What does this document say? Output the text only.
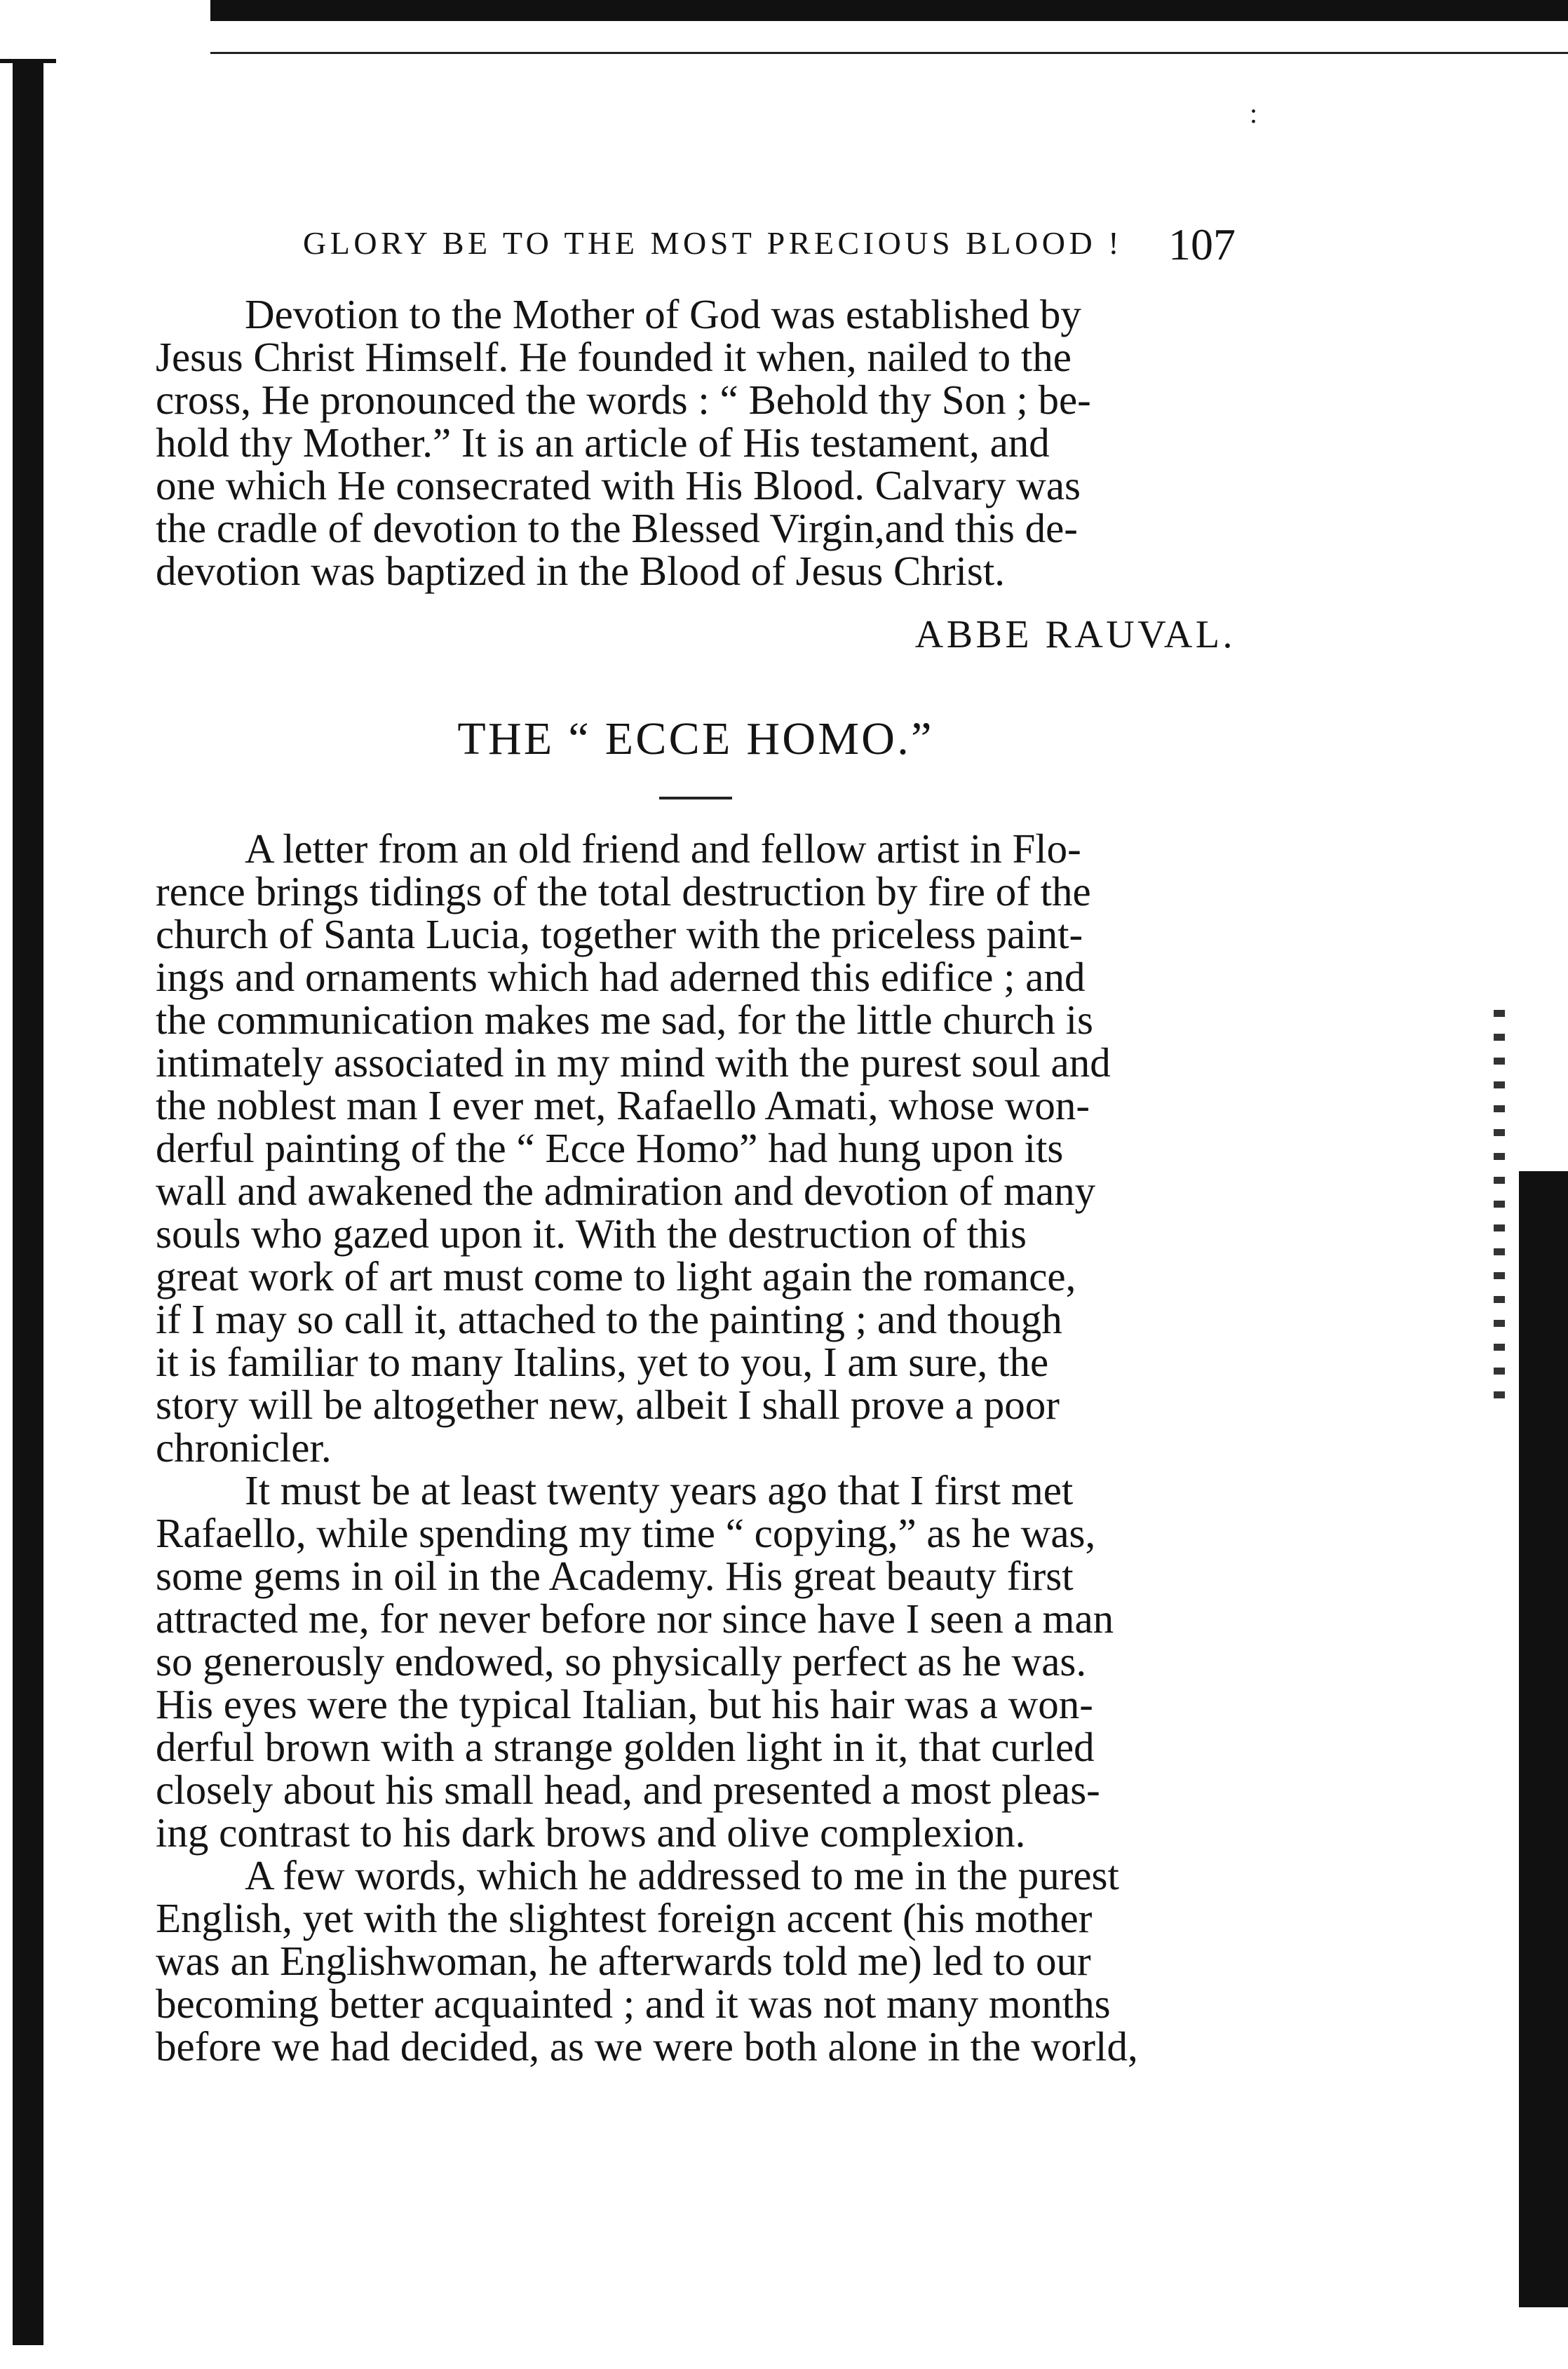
:
GLORY BE TO THE MOST PRECIOUS BLOOD ! 107

Devotion to the Mother of God was established by
Jesus Christ Himself. He founded it when, nailed to the
cross, He pronounced the words : “ Behold thy Son ; be-
hold thy Mother.” It is an article of His testament, and
one which He consecrated with His Blood. Calvary was
the cradle of devotion to the Blessed Virgin,and this de-
devotion was baptized in the Blood of Jesus Christ.

ABBE RAUVAL.
THE “ ECCE HOMO.”

A letter from an old friend and fellow artist in Flo-
rence brings tidings of the total destruction by fire of the
church of Santa Lucia, together with the priceless paint-
ings and ornaments which had aderned this edifice ; and
the communication makes me sad, for the little church is
intimately associated in my mind with the purest soul and
the noblest man I ever met, Rafaello Amati, whose won-
derful painting of the “ Ecce Homo” had hung upon its
wall and awakened the admiration and devotion of many
souls who gazed upon it. With the destruction of this
great work of art must come to light again the romance,
if I may so call it, attached to the painting ; and though
it is familiar to many Italins, yet to you, I am sure, the
story will be altogether new, albeit I shall prove a poor
chronicler.

It must be at least twenty years ago that I first met
Rafaello, while spending my time “ copying,” as he was,
some gems in oil in the Academy. His great beauty first
attracted me, for never before nor since have I seen a man
so generously endowed, so physically perfect as he was.
His eyes were the typical Italian, but his hair was a won-
derful brown with a strange golden light in it, that curled
closely about his small head, and presented a most pleas-
ing contrast to his dark brows and olive complexion.

A few words, which he addressed to me in the purest
English, yet with the slightest foreign accent (his mother
was an Englishwoman, he afterwards told me) led to our
becoming better acquainted ; and it was not many months
before we had decided, as we were both alone in the world,
